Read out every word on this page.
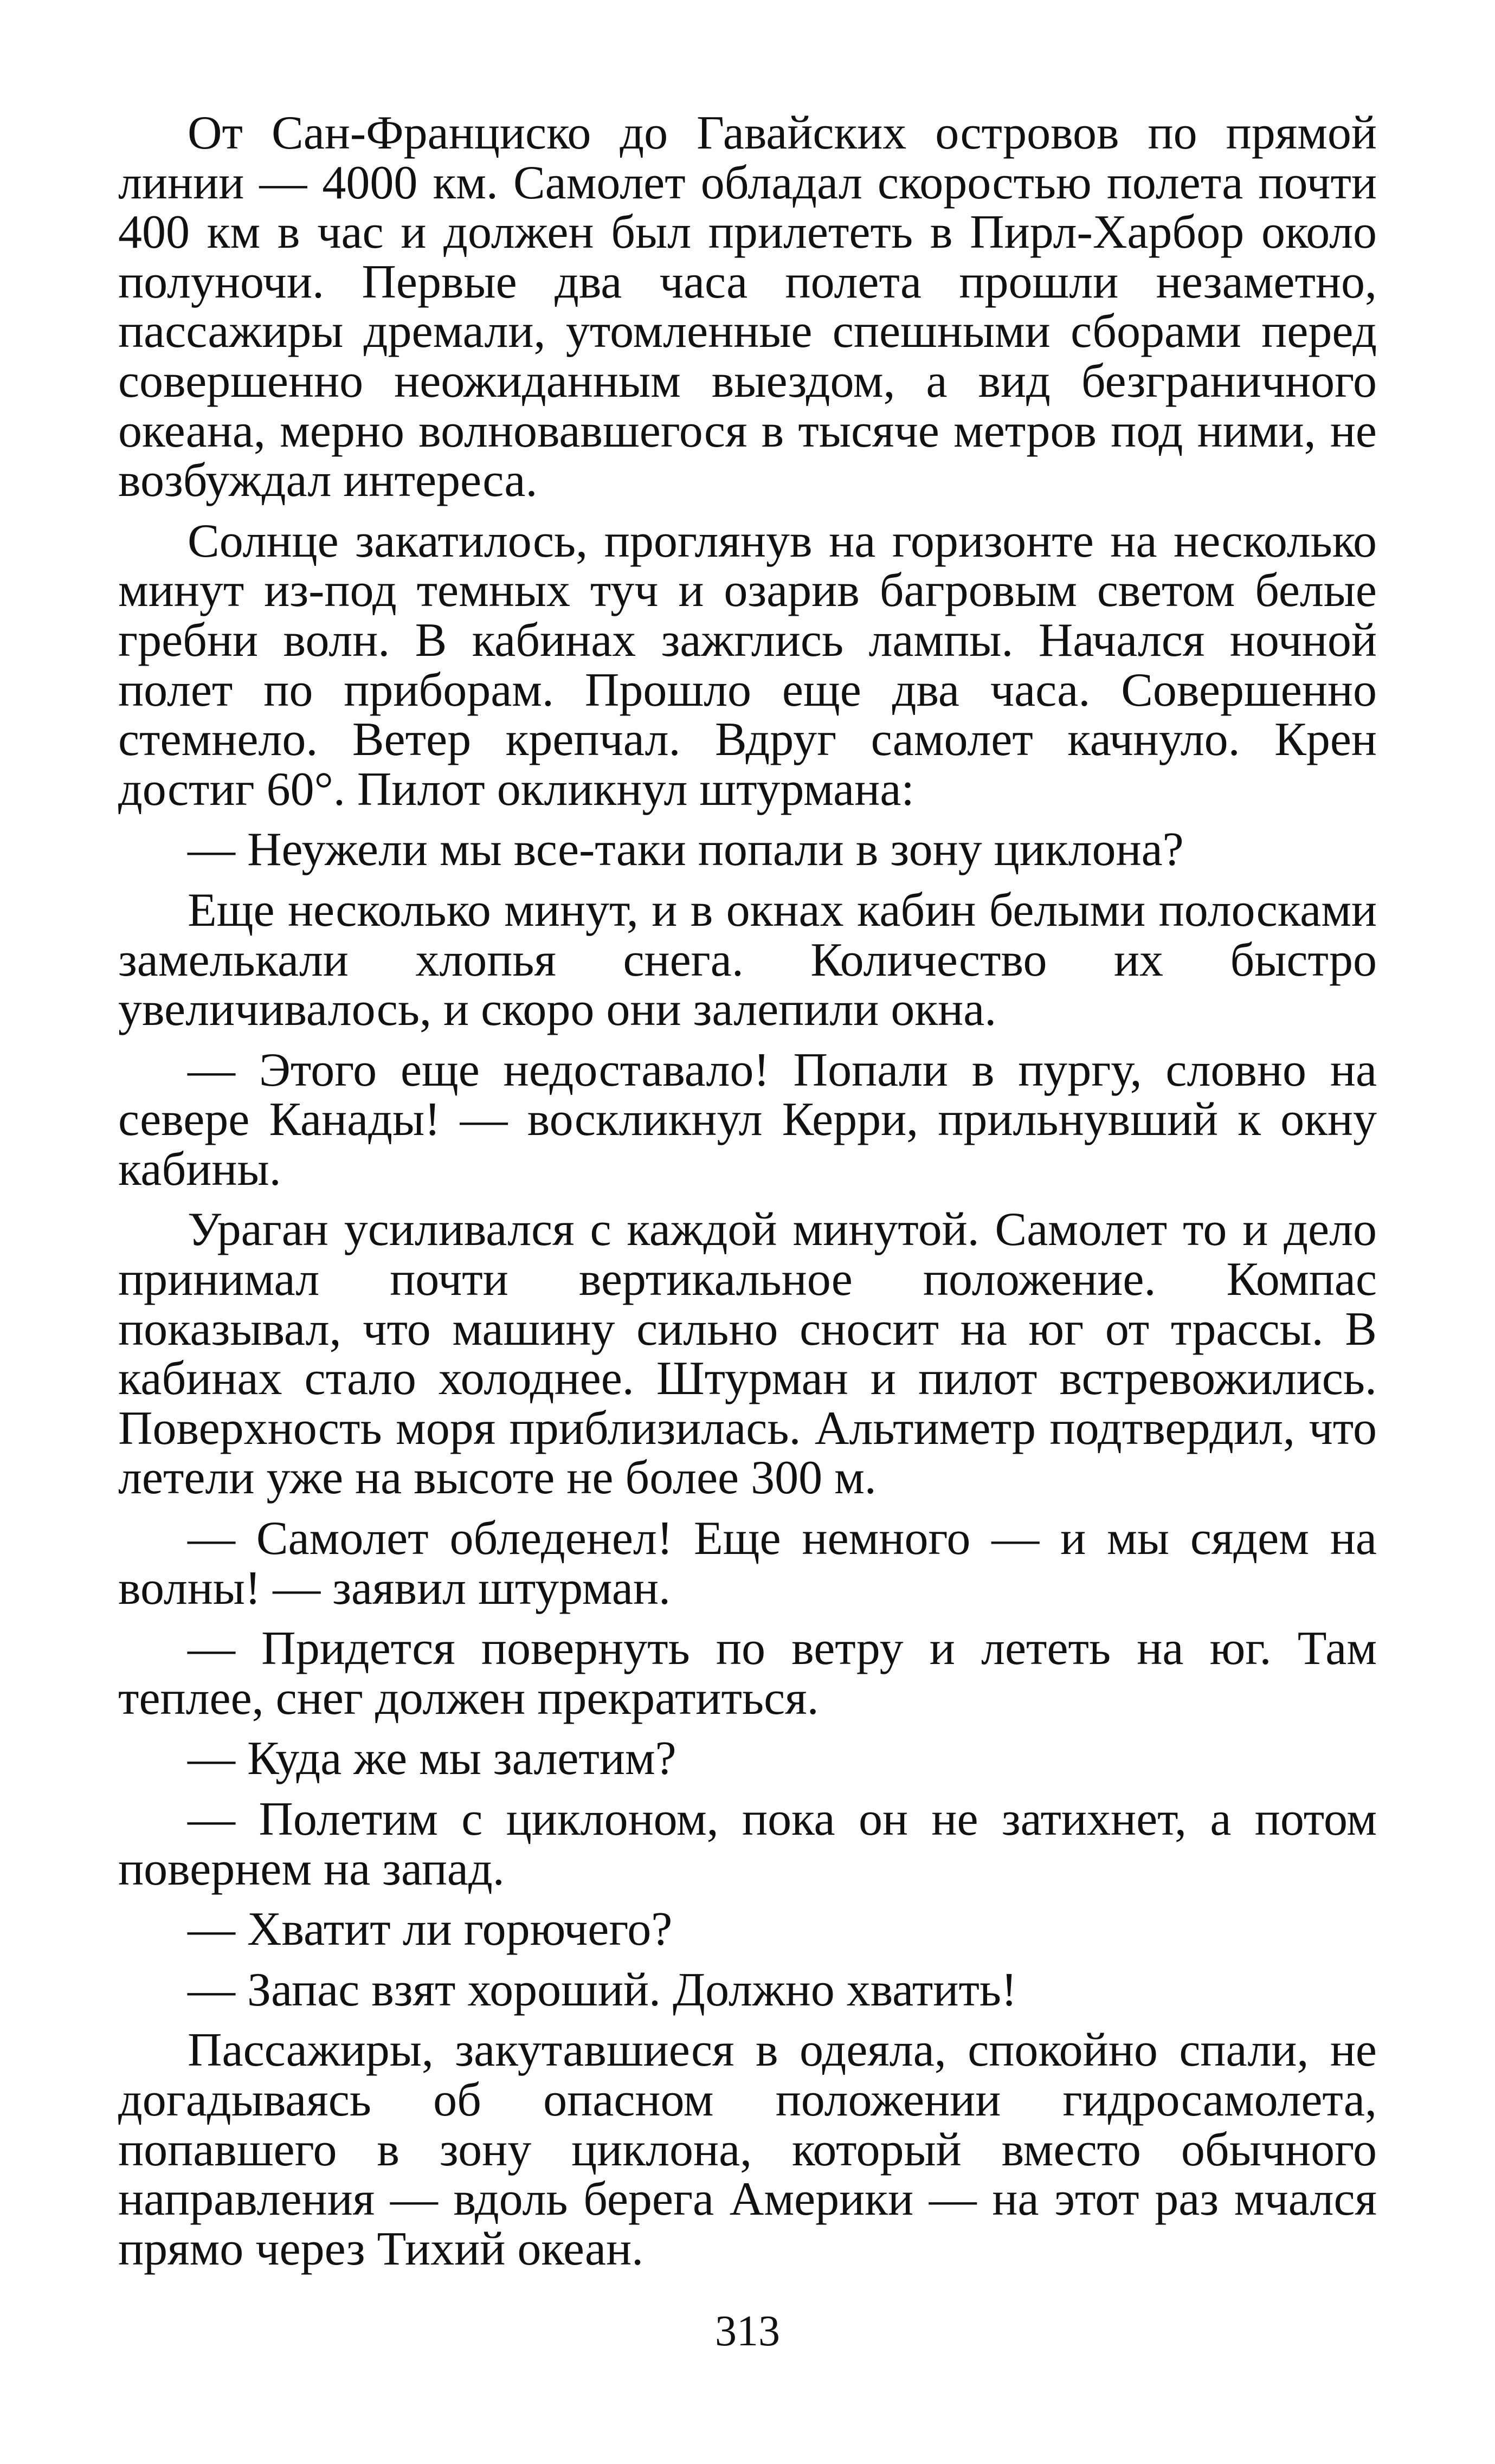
От Сан-Франциско до Гавайских островов по прямой линии — 4000 км. Самолет обладал скоростью полета почти 400 км в час и должен был прилететь в Пирл-Харбор около полуночи. Первые два часа полета прошли незаметно, пассажиры дремали, утомленные спешными сборами перед совершенно неожиданным выездом, а вид безграничного океана, мерно волновавшегося в тысяче метров под ними, не возбуждал интереса.

Солнце закатилось, проглянув на горизонте на несколько минут из-под темных туч и озарив багровым светом белые гребни волн. В кабинах зажглись лампы. Начался ночной полет по приборам. Прошло еще два часа. Совершенно стемнело. Ветер крепчал. Вдруг самолет качнуло. Крен достиг 60°. Пилот окликнул штурмана:

— Неужели мы все-таки попали в зону циклона?

Еще несколько минут, и в окнах кабин белыми полосками замелькали хлопья снега. Количество их быстро увеличивалось, и скоро они залепили окна.

— Этого еще недоставало! Попали в пургу, словно на севере Канады! — воскликнул Керри, прильнувший к окну кабины.

Ураган усиливался с каждой минутой. Самолет то и дело принимал почти вертикальное положение. Компас показывал, что машину сильно сносит на юг от трассы. В кабинах стало холоднее. Штурман и пилот встревожились. Поверхность моря приблизилась. Альтиметр подтвердил, что летели уже на высоте не более 300 м.

— Самолет обледенел! Еще немного — и мы сядем на волны! — заявил штурман.

— Придется повернуть по ветру и лететь на юг. Там теплее, снег должен прекратиться.

— Куда же мы залетим?

— Полетим с циклоном, пока он не затихнет, а потом повернем на запад.

— Хватит ли горючего?

— Запас взят хороший. Должно хватить!

Пассажиры, закутавшиеся в одеяла, спокойно спали, не догадываясь об опасном положении гидросамолета, попавшего в зону циклона, который вместо обычного направления — вдоль берега Америки — на этот раз мчался прямо через Тихий океан.

313
